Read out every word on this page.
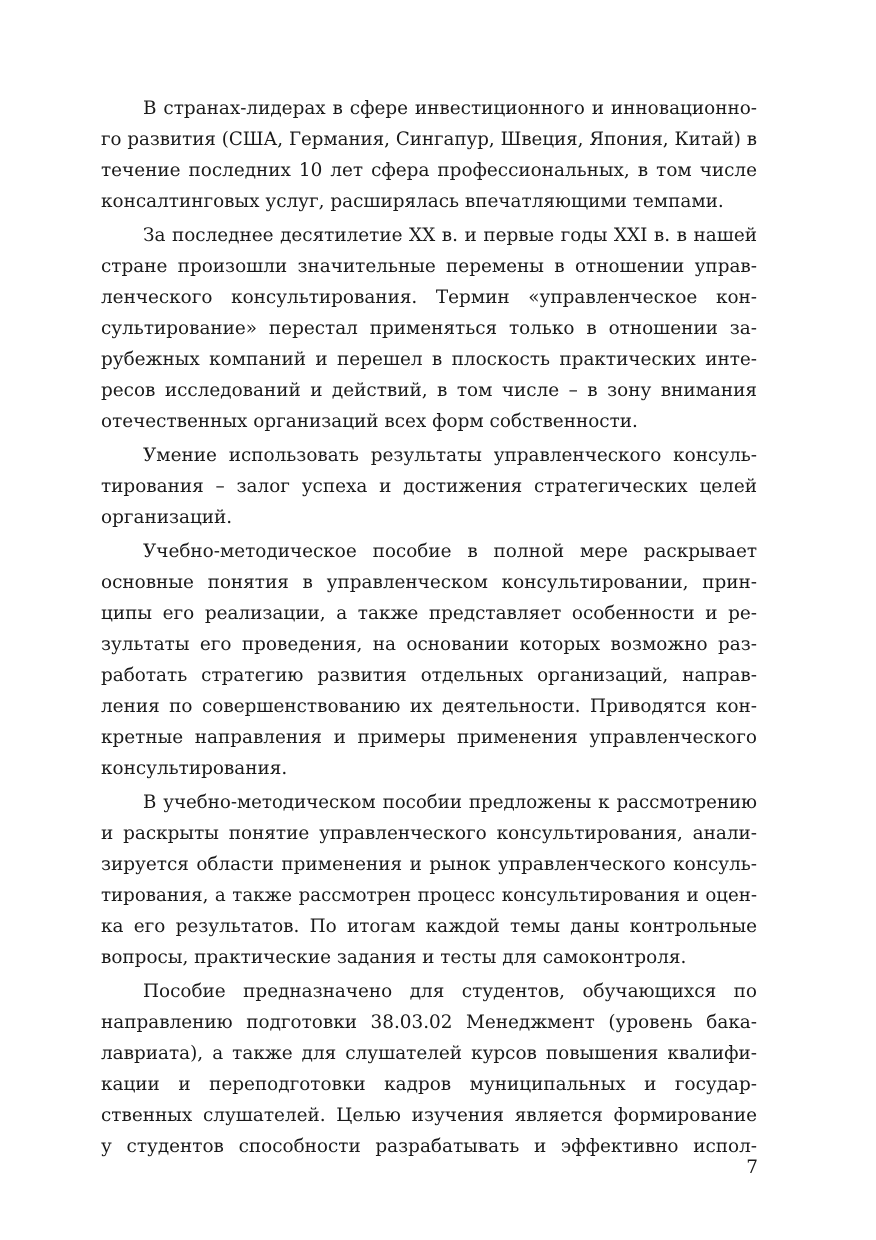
В странах-лидерах в сфере инвестиционного и инновационно-
го развития (США, Германия, Сингапур, Швеция, Япония, Китай) в
течение последних 10 лет сфера профессиональных, в том числе
консалтинговых услуг, расширялась впечатляющими темпами.
За последнее десятилетие XX в. и первые годы XXI в. в нашей
стране произошли значительные перемены в отношении управ-
ленческого консультирования. Термин «управленческое кон-
сультирование» перестал применяться только в отношении за-
рубежных компаний и перешел в плоскость практических инте-
ресов исследований и действий, в том числе – в зону внимания
отечественных организаций всех форм собственности.
Умение использовать результаты управленческого консуль-
тирования – залог успеха и достижения стратегических целей
организаций.
Учебно-методическое пособие в полной мере раскрывает
основные понятия в управленческом консультировании, прин-
ципы его реализации, а также представляет особенности и ре-
зультаты его проведения, на основании которых возможно раз-
работать стратегию развития отдельных организаций, направ-
ления по совершенствованию их деятельности. Приводятся кон-
кретные направления и примеры применения управленческого
консультирования.
В учебно-методическом пособии предложены к рассмотрению
и раскрыты понятие управленческого консультирования, анали-
зируется области применения и рынок управленческого консуль-
тирования, а также рассмотрен процесс консультирования и оцен-
ка его результатов. По итогам каждой темы даны контрольные
вопросы, практические задания и тесты для самоконтроля.
Пособие предназначено для студентов, обучающихся по
направлению подготовки 38.03.02 Менеджмент (уровень бака-
лавриата), а также для слушателей курсов повышения квалифи-
кации и переподготовки кадров муниципальных и государ-
ственных слушателей. Целью изучения является формирование
у студентов способности разрабатывать и эффективно испол-
7
